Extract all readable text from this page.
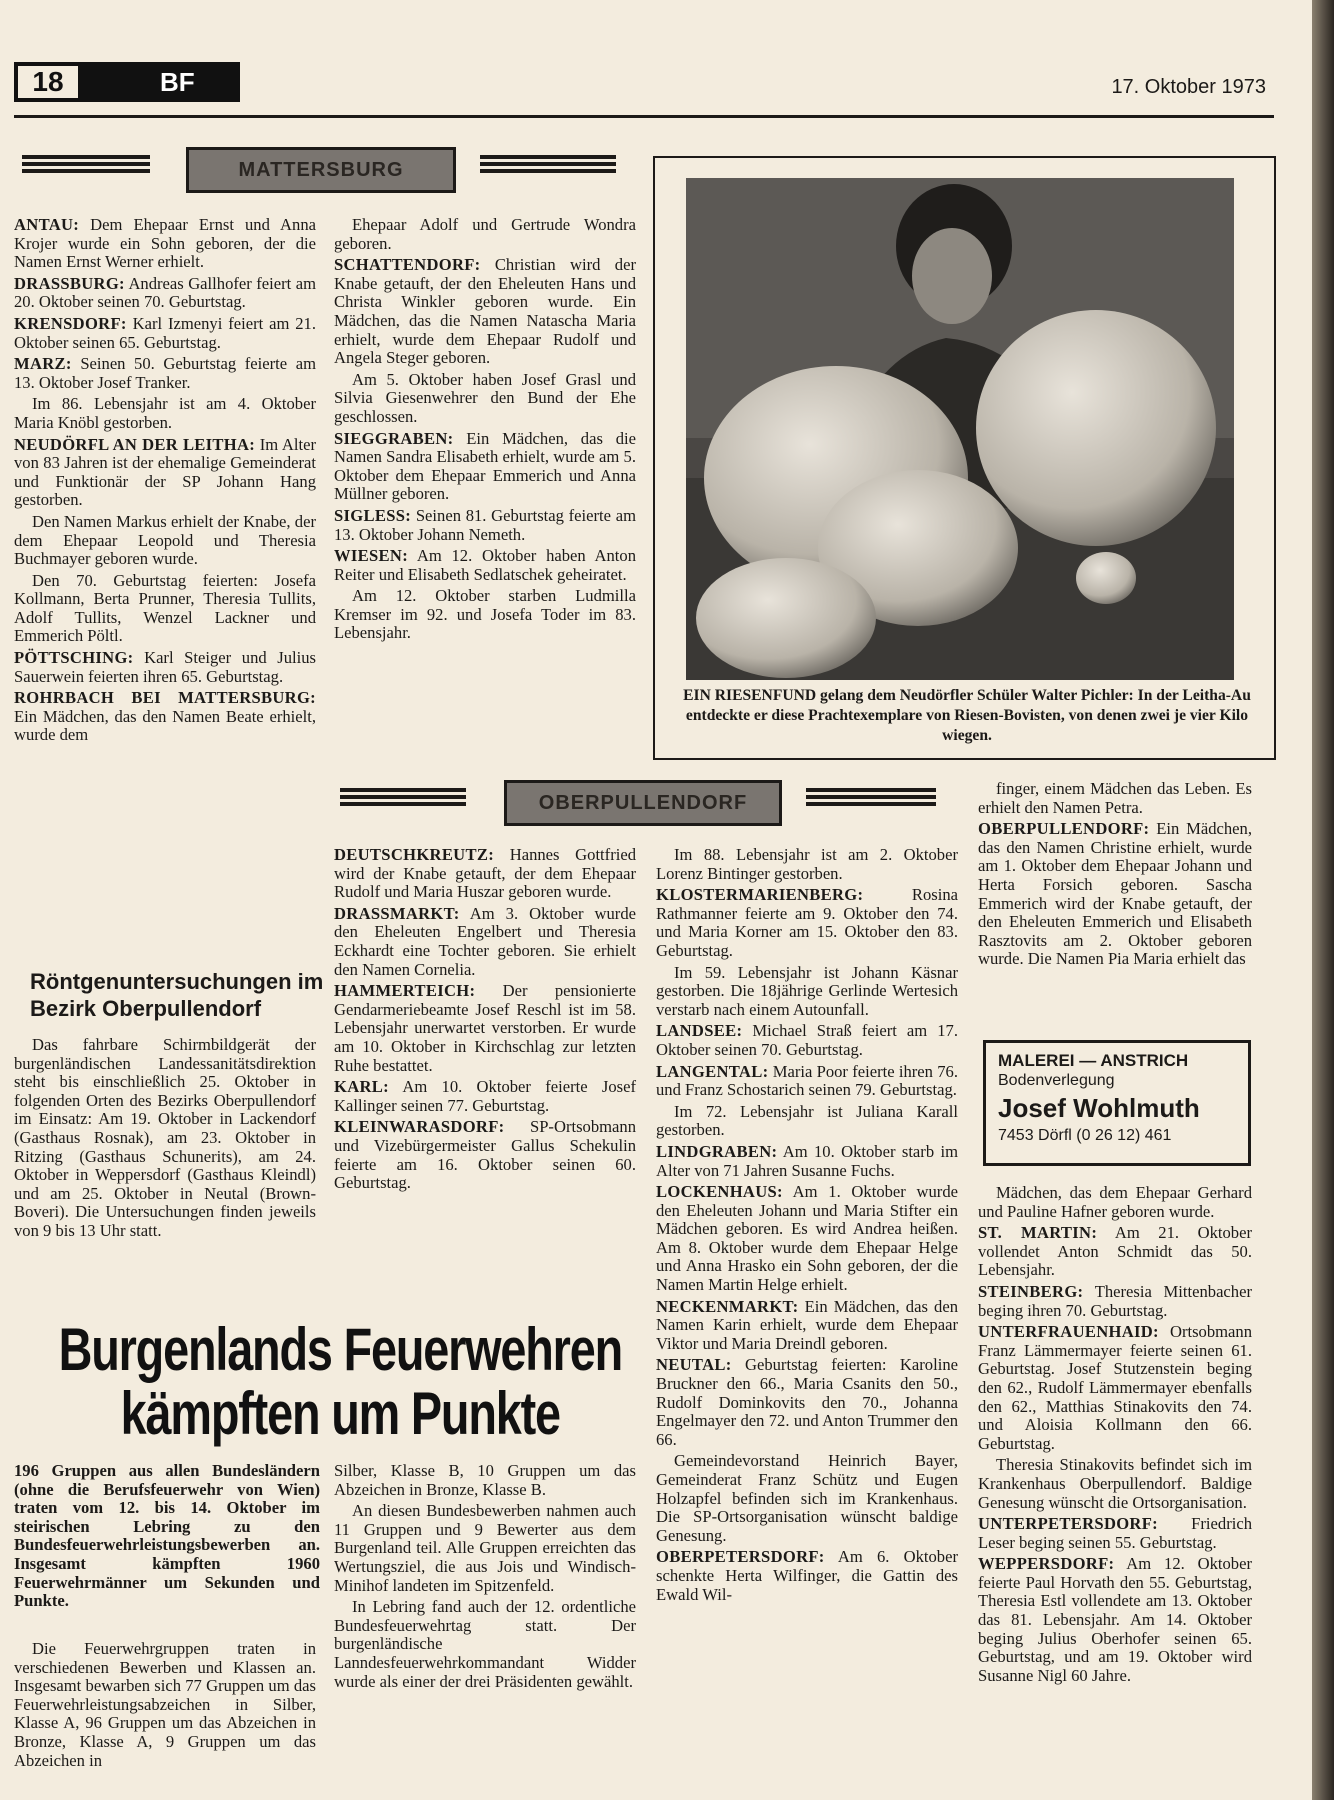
18	BF	17. Oktober 1973
MATTERSBURG

ANTAU: Dem Ehepaar Ernst und Anna Krojer wurde ein Sohn geboren, der die Namen Ernst Werner erhielt.

DRASSBURG: Andreas Gallhofer feiert am 20. Oktober seinen 70. Geburtstag.

KRENSDORF: Karl Izmenyi feiert am 21. Oktober seinen 65. Geburtstag.

MARZ: Seinen 50. Geburtstag feierte am 13. Oktober Josef Tranker.

Im 86. Lebensjahr ist am 4. Oktober Maria Knöbl gestorben.

NEUDÖRFL AN DER LEITHA: Im Alter von 83 Jahren ist der ehemalige Gemeinderat und Funktionär der SP Johann Hang gestorben.

Den Namen Markus erhielt der Knabe, der dem Ehepaar Leopold und Theresia Buchmayer geboren wurde.

Den 70. Geburtstag feierten: Josefa Kollmann, Berta Prunner, Theresia Tullits, Adolf Tullits, Wenzel Lackner und Emmerich Pöltl.

PÖTTSCHING: Karl Steiger und Julius Sauerwein feierten ihren 65. Geburtstag.

ROHRBACH BEI MATTERSBURG: Ein Mädchen, das den Namen Beate erhielt, wurde dem

Ehepaar Adolf und Gertrude Wondra geboren.

SCHATTENDORF: Christian wird der Knabe getauft, der den Eheleuten Hans und Christa Winkler geboren wurde. Ein Mädchen, das die Namen Natascha Maria erhielt, wurde dem Ehepaar Rudolf und Angela Steger geboren.

Am 5. Oktober haben Josef Grasl und Silvia Giesenwehrer den Bund der Ehe geschlossen.

SIEGGRABEN: Ein Mädchen, das die Namen Sandra Elisabeth erhielt, wurde am 5. Oktober dem Ehepaar Emmerich und Anna Müllner geboren.

SIGLESS: Seinen 81. Geburtstag feierte am 13. Oktober Johann Nemeth.

WIESEN: Am 12. Oktober haben Anton Reiter und Elisabeth Sedlatschek geheiratet.

Am 12. Oktober starben Ludmilla Kremser im 92. und Josefa Toder im 83. Lebensjahr.

EIN RIESENFUND gelang dem Neudörfler Schüler Walter Pichler: In der Leitha-Au entdeckte er diese Prachtexemplare von Riesen-Bovisten, von denen zwei je vier Kilo wiegen.
OBERPULLENDORF
Röntgenuntersuchungen im Bezirk Oberpullendorf

Das fahrbare Schirmbildgerät der burgenländischen Landessanitätsdirektion steht bis einschließlich 25. Oktober in folgenden Orten des Bezirks Oberpullendorf im Einsatz: Am 19. Oktober in Lackendorf (Gasthaus Rosnak), am 23. Oktober in Ritzing (Gasthaus Schunerits), am 24. Oktober in Weppersdorf (Gasthaus Kleindl) und am 25. Oktober in Neutal (Brown-Boveri). Die Untersuchungen finden jeweils von 9 bis 13 Uhr statt.

DEUTSCHKREUTZ: Hannes Gottfried wird der Knabe getauft, der dem Ehepaar Rudolf und Maria Huszar geboren wurde.

DRASSMARKT: Am 3. Oktober wurde den Eheleuten Engelbert und Theresia Eckhardt eine Tochter geboren. Sie erhielt den Namen Cornelia.

HAMMERTEICH: Der pensionierte Gendarmeriebeamte Josef Reschl ist im 58. Lebensjahr unerwartet verstorben. Er wurde am 10. Oktober in Kirchschlag zur letzten Ruhe bestattet.

KARL: Am 10. Oktober feierte Josef Kallinger seinen 77. Geburtstag.

KLEINWARASDORF: SP-Ortsobmann und Vizebürgermeister Gallus Schekulin feierte am 16. Oktober seinen 60. Geburtstag.

Im 88. Lebensjahr ist am 2. Oktober Lorenz Bintinger gestorben.

KLOSTERMARIENBERG: Rosina Rathmanner feierte am 9. Oktober den 74. und Maria Korner am 15. Oktober den 83. Geburtstag.

Im 59. Lebensjahr ist Johann Käsnar gestorben. Die 18jährige Gerlinde Wertesich verstarb nach einem Autounfall.

LANDSEE: Michael Straß feiert am 17. Oktober seinen 70. Geburtstag.

LANGENTAL: Maria Poor feierte ihren 76. und Franz Schostarich seinen 79. Geburtstag.

Im 72. Lebensjahr ist Juliana Karall gestorben.

LINDGRABEN: Am 10. Oktober starb im Alter von 71 Jahren Susanne Fuchs.

LOCKENHAUS: Am 1. Oktober wurde den Eheleuten Johann und Maria Stifter ein Mädchen geboren. Es wird Andrea heißen. Am 8. Oktober wurde dem Ehepaar Helge und Anna Hrasko ein Sohn geboren, der die Namen Martin Helge erhielt.

NECKENMARKT: Ein Mädchen, das den Namen Karin erhielt, wurde dem Ehepaar Viktor und Maria Dreindl geboren.

NEUTAL: Geburtstag feierten: Karoline Bruckner den 66., Maria Csanits den 50., Rudolf Dominkovits den 70., Johanna Engelmayer den 72. und Anton Trummer den 66.

Gemeindevorstand Heinrich Bayer, Gemeinderat Franz Schütz und Eugen Holzapfel befinden sich im Krankenhaus. Die SP-Ortsorganisation wünscht baldige Genesung.

OBERPETERSDORF: Am 6. Oktober schenkte Herta Wilfinger, die Gattin des Ewald Wil-

finger, einem Mädchen das Leben. Es erhielt den Namen Petra.

OBERPULLENDORF: Ein Mädchen, das den Namen Christine erhielt, wurde am 1. Oktober dem Ehepaar Johann und Herta Forsich geboren. Sascha Emmerich wird der Knabe getauft, der den Eheleuten Emmerich und Elisabeth Rasztovits am 2. Oktober geboren wurde. Die Namen Pia Maria erhielt das

MALEREI — ANSTRICH
Bodenverlegung
Josef Wohlmuth
7453 Dörfl (0 26 12) 461

Mädchen, das dem Ehepaar Gerhard und Pauline Hafner geboren wurde.

ST. MARTIN: Am 21. Oktober vollendet Anton Schmidt das 50. Lebensjahr.

STEINBERG: Theresia Mittenbacher beging ihren 70. Geburtstag.

UNTERFRAUENHAID: Ortsobmann Franz Lämmermayer feierte seinen 61. Geburtstag. Josef Stutzenstein beging den 62., Rudolf Lämmermayer ebenfalls den 62., Matthias Stinakovits den 74. und Aloisia Kollmann den 66. Geburtstag.

Theresia Stinakovits befindet sich im Krankenhaus Oberpullendorf. Baldige Genesung wünscht die Ortsorganisation.

UNTERPETERSDORF: Friedrich Leser beging seinen 55. Geburtstag.

WEPPERSDORF: Am 12. Oktober feierte Paul Horvath den 55. Geburtstag, Theresia Estl vollendete am 13. Oktober das 81. Lebensjahr. Am 14. Oktober beging Julius Oberhofer seinen 65. Geburtstag, und am 19. Oktober wird Susanne Nigl 60 Jahre.

Burgenlands Feuerwehren
kämpften um Punkte
196 Gruppen aus allen Bundesländern (ohne die Berufsfeuerwehr von Wien) traten vom 12. bis 14. Oktober im steirischen Lebring zu den Bundesfeuerwehrleistungsbewerben an. Insgesamt kämpften 1960 Feuerwehrmänner um Sekunden und Punkte.

Die Feuerwehrgruppen traten in verschiedenen Bewerben und Klassen an. Insgesamt bewarben sich 77 Gruppen um das Feuerwehrleistungsabzeichen in Silber, Klasse A, 96 Gruppen um das Abzeichen in Bronze, Klasse A, 9 Gruppen um das Abzeichen in

Silber, Klasse B, 10 Gruppen um das Abzeichen in Bronze, Klasse B.

An diesen Bundesbewerben nahmen auch 11 Gruppen und 9 Bewerter aus dem Burgenland teil. Alle Gruppen erreichten das Wertungsziel, die aus Jois und Windisch-Minihof landeten im Spitzenfeld.

In Lebring fand auch der 12. ordentliche Bundesfeuerwehrtag statt. Der burgenländische Lanndesfeuerwehrkommandant Widder wurde als einer der drei Präsidenten gewählt.
